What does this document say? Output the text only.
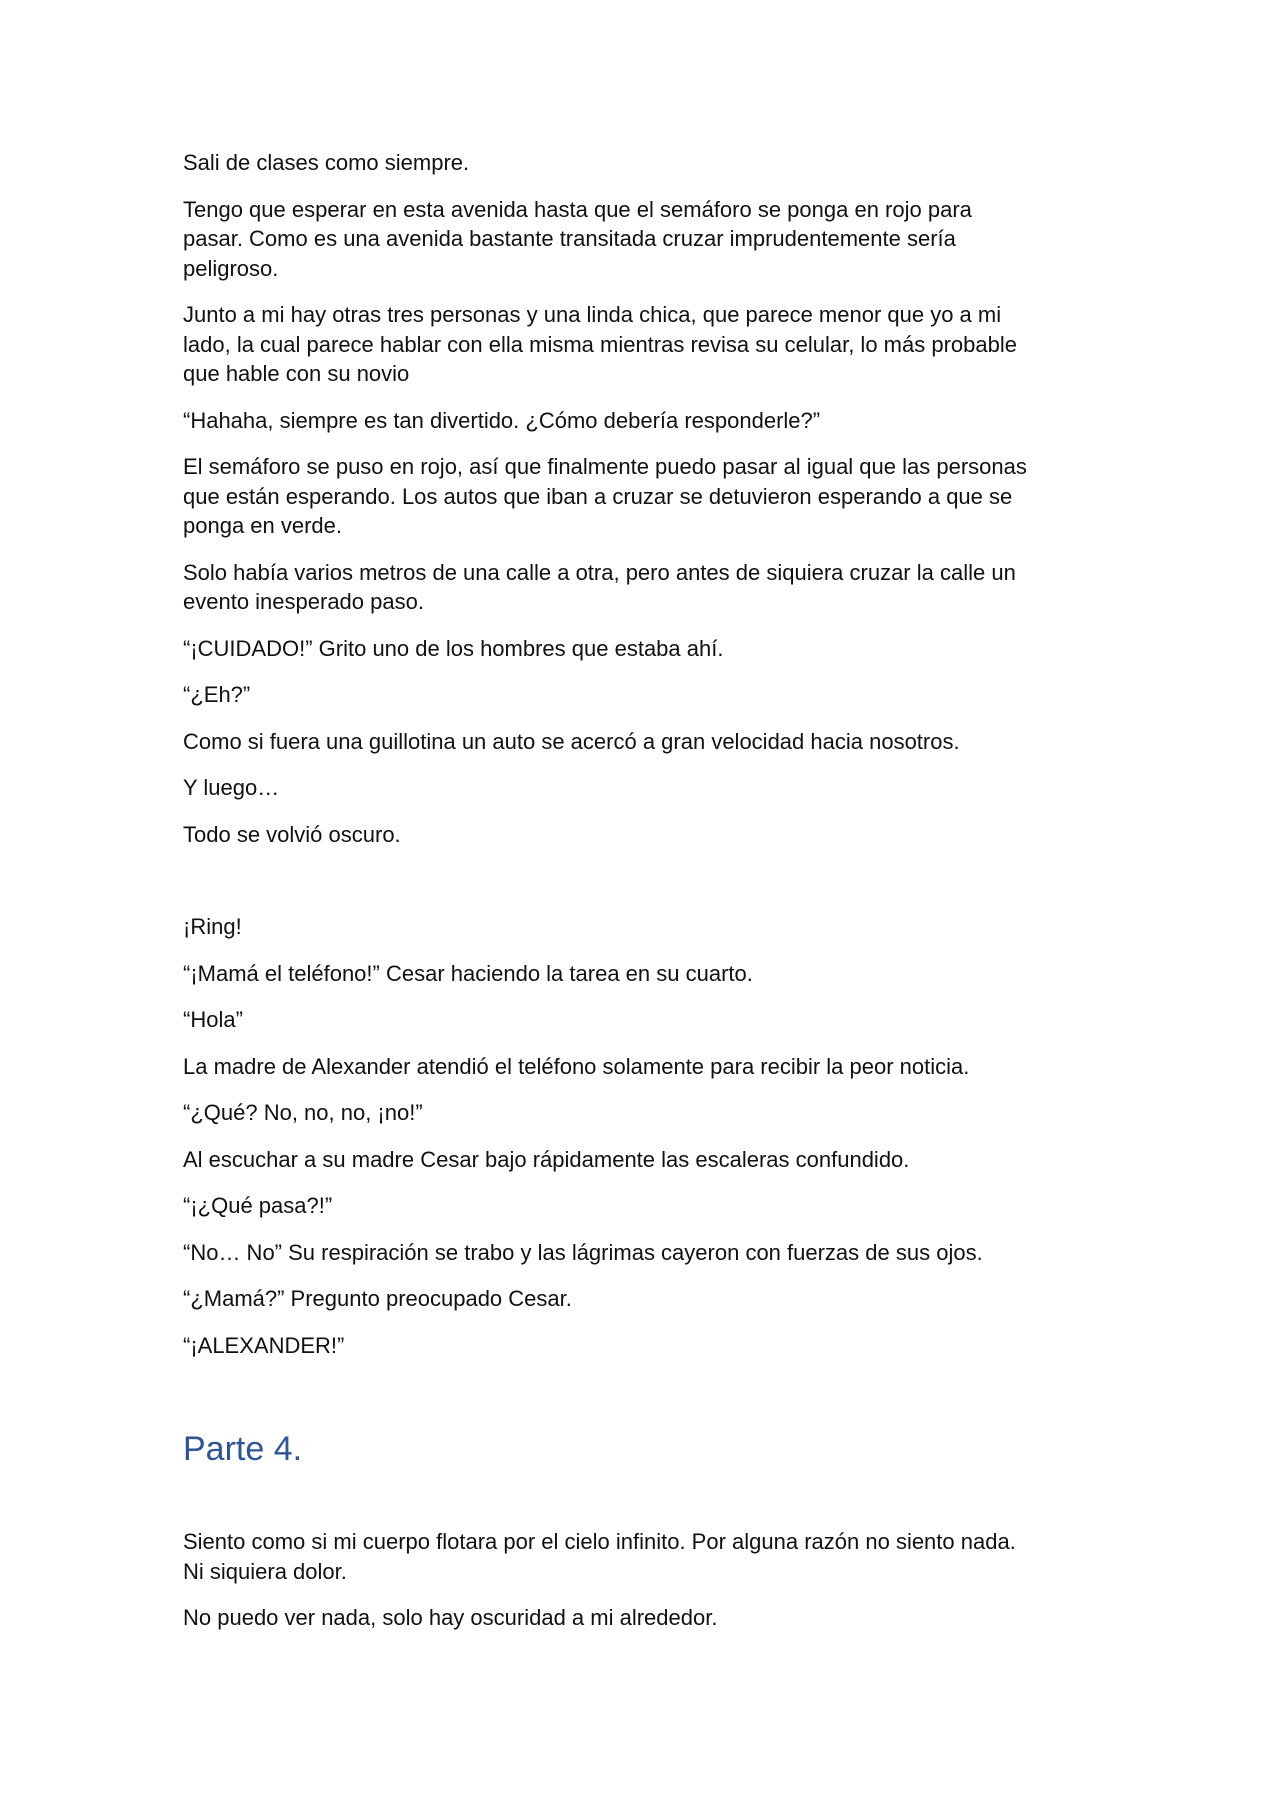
Sali de clases como siempre.

Tengo que esperar en esta avenida hasta que el semáforo se ponga en rojo para
pasar. Como es una avenida bastante transitada cruzar imprudentemente sería
peligroso.

Junto a mi hay otras tres personas y una linda chica, que parece menor que yo a mi
lado, la cual parece hablar con ella misma mientras revisa su celular, lo más probable
que hable con su novio

“Hahaha, siempre es tan divertido. ¿Cómo debería responderle?”

El semáforo se puso en rojo, así que finalmente puedo pasar al igual que las personas
que están esperando. Los autos que iban a cruzar se detuvieron esperando a que se
ponga en verde.

Solo había varios metros de una calle a otra, pero antes de siquiera cruzar la calle un
evento inesperado paso.

“¡CUIDADO!” Grito uno de los hombres que estaba ahí.

“¿Eh?”

Como si fuera una guillotina un auto se acercó a gran velocidad hacia nosotros.

Y luego…

Todo se volvió oscuro.

¡Ring!

“¡Mamá el teléfono!” Cesar haciendo la tarea en su cuarto.

“Hola”

La madre de Alexander atendió el teléfono solamente para recibir la peor noticia.

“¿Qué? No, no, no, ¡no!”

Al escuchar a su madre Cesar bajo rápidamente las escaleras confundido.

“¡¿Qué pasa?!”

“No… No” Su respiración se trabo y las lágrimas cayeron con fuerzas de sus ojos.

“¿Mamá?” Pregunto preocupado Cesar.

“¡ALEXANDER!”

Parte 4.

Siento como si mi cuerpo flotara por el cielo infinito. Por alguna razón no siento nada.
Ni siquiera dolor.

No puedo ver nada, solo hay oscuridad a mi alrededor.
